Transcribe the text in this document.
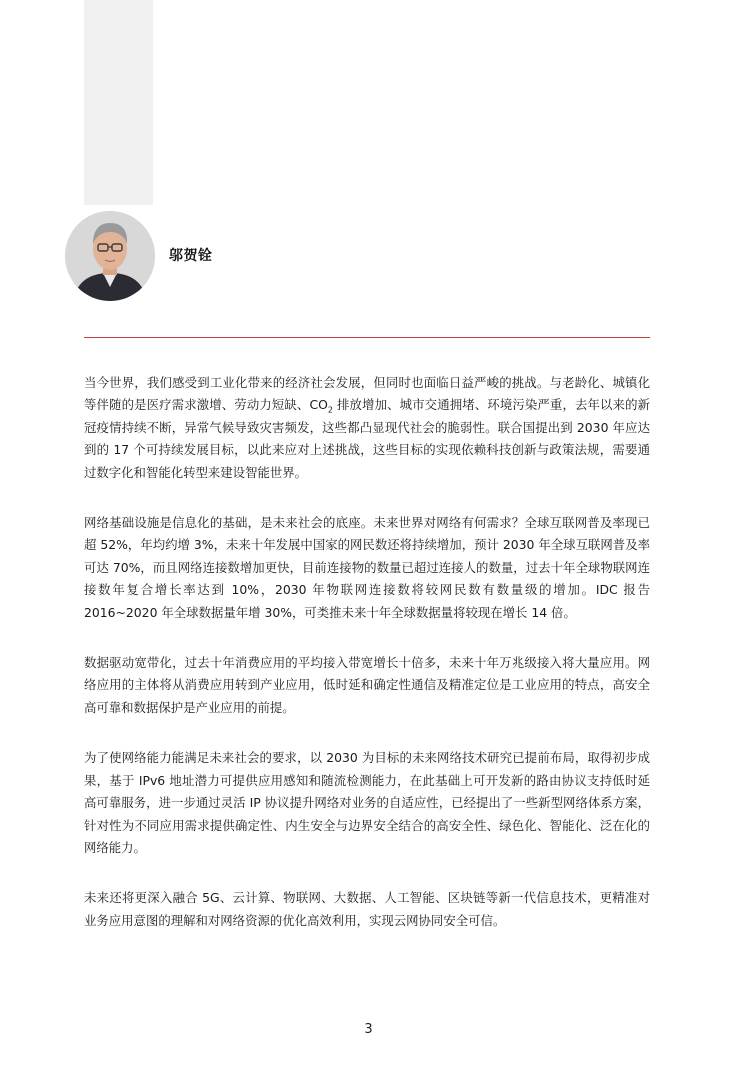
邬贺铨

当今世界，我们感受到工业化带来的经济社会发展，但同时也面临日益严峻的挑战。与老龄化、城镇化等伴随的是医疗需求激增、劳动力短缺、$CO_2$ 排放增加、城市交通拥堵、环境污染严重，去年以来的新冠疫情持续不断，异常气候导致灾害频发，这些都凸显现代社会的脆弱性。联合国提出到 2030 年应达到的 17 个可持续发展目标，以此来应对上述挑战，这些目标的实现依赖科技创新与政策法规，需要通过数字化和智能化转型来建设智能世界。

网络基础设施是信息化的基础，是未来社会的底座。未来世界对网络有何需求？全球互联网普及率现已超 52%，年均约增 3%，未来十年发展中国家的网民数还将持续增加，预计 2030 年全球互联网普及率可达 70%，而且网络连接数增加更快，目前连接物的数量已超过连接人的数量，过去十年全球物联网连接数年复合增长率达到 10%，2030 年物联网连接数将较网民数有数量级的增加。IDC 报告 2016~2020 年全球数据量年增 30%，可类推未来十年全球数据量将较现在增长 14 倍。

数据驱动宽带化，过去十年消费应用的平均接入带宽增长十倍多，未来十年万兆级接入将大量应用。网络应用的主体将从消费应用转到产业应用，低时延和确定性通信及精准定位是工业应用的特点，高安全高可靠和数据保护是产业应用的前提。

为了使网络能力能满足未来社会的要求，以 2030 为目标的未来网络技术研究已提前布局，取得初步成果，基于 IPv6 地址潜力可提供应用感知和随流检测能力，在此基础上可开发新的路由协议支持低时延高可靠服务，进一步通过灵活 IP 协议提升网络对业务的自适应性，已经提出了一些新型网络体系方案，针对性为不同应用需求提供确定性、内生安全与边界安全结合的高安全性、绿色化、智能化、泛在化的网络能力。

未来还将更深入融合 5G、云计算、物联网、大数据、人工智能、区块链等新一代信息技术，更精准对业务应用意图的理解和对网络资源的优化高效利用，实现云网协同安全可信。

3
